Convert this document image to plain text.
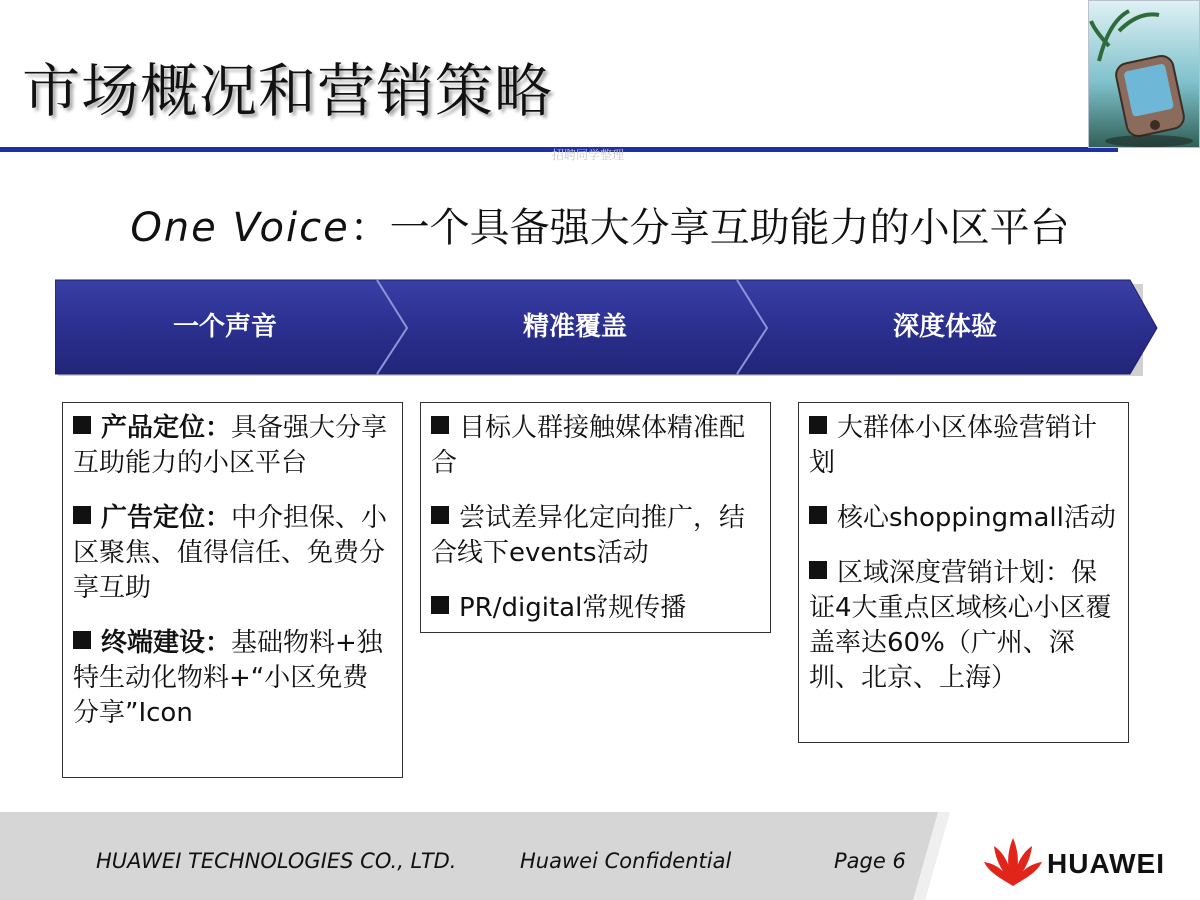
市场概况和营销策略
招聘同学整理
One Voice：一个具备强大分享互助能力的小区平台
一个声音	精准覆盖	深度体验

产品定位：具备强大分享互助能力的小区平台

广告定位：中介担保、小区聚焦、值得信任、免费分享互助

终端建设：基础物料+独特生动化物料+“小区免费分享”Icon

目标人群接触媒体精准配合

尝试差异化定向推广，结合线下events活动

PR/digital常规传播

大群体小区体验营销计划

核心shoppingmall活动

区域深度营销计划：保证4大重点区域核心小区覆盖率达60%（广州、深圳、北京、上海）

HUAWEI TECHNOLOGIES CO., LTD.	Huawei Confidential	Page 6	HUAWEI
